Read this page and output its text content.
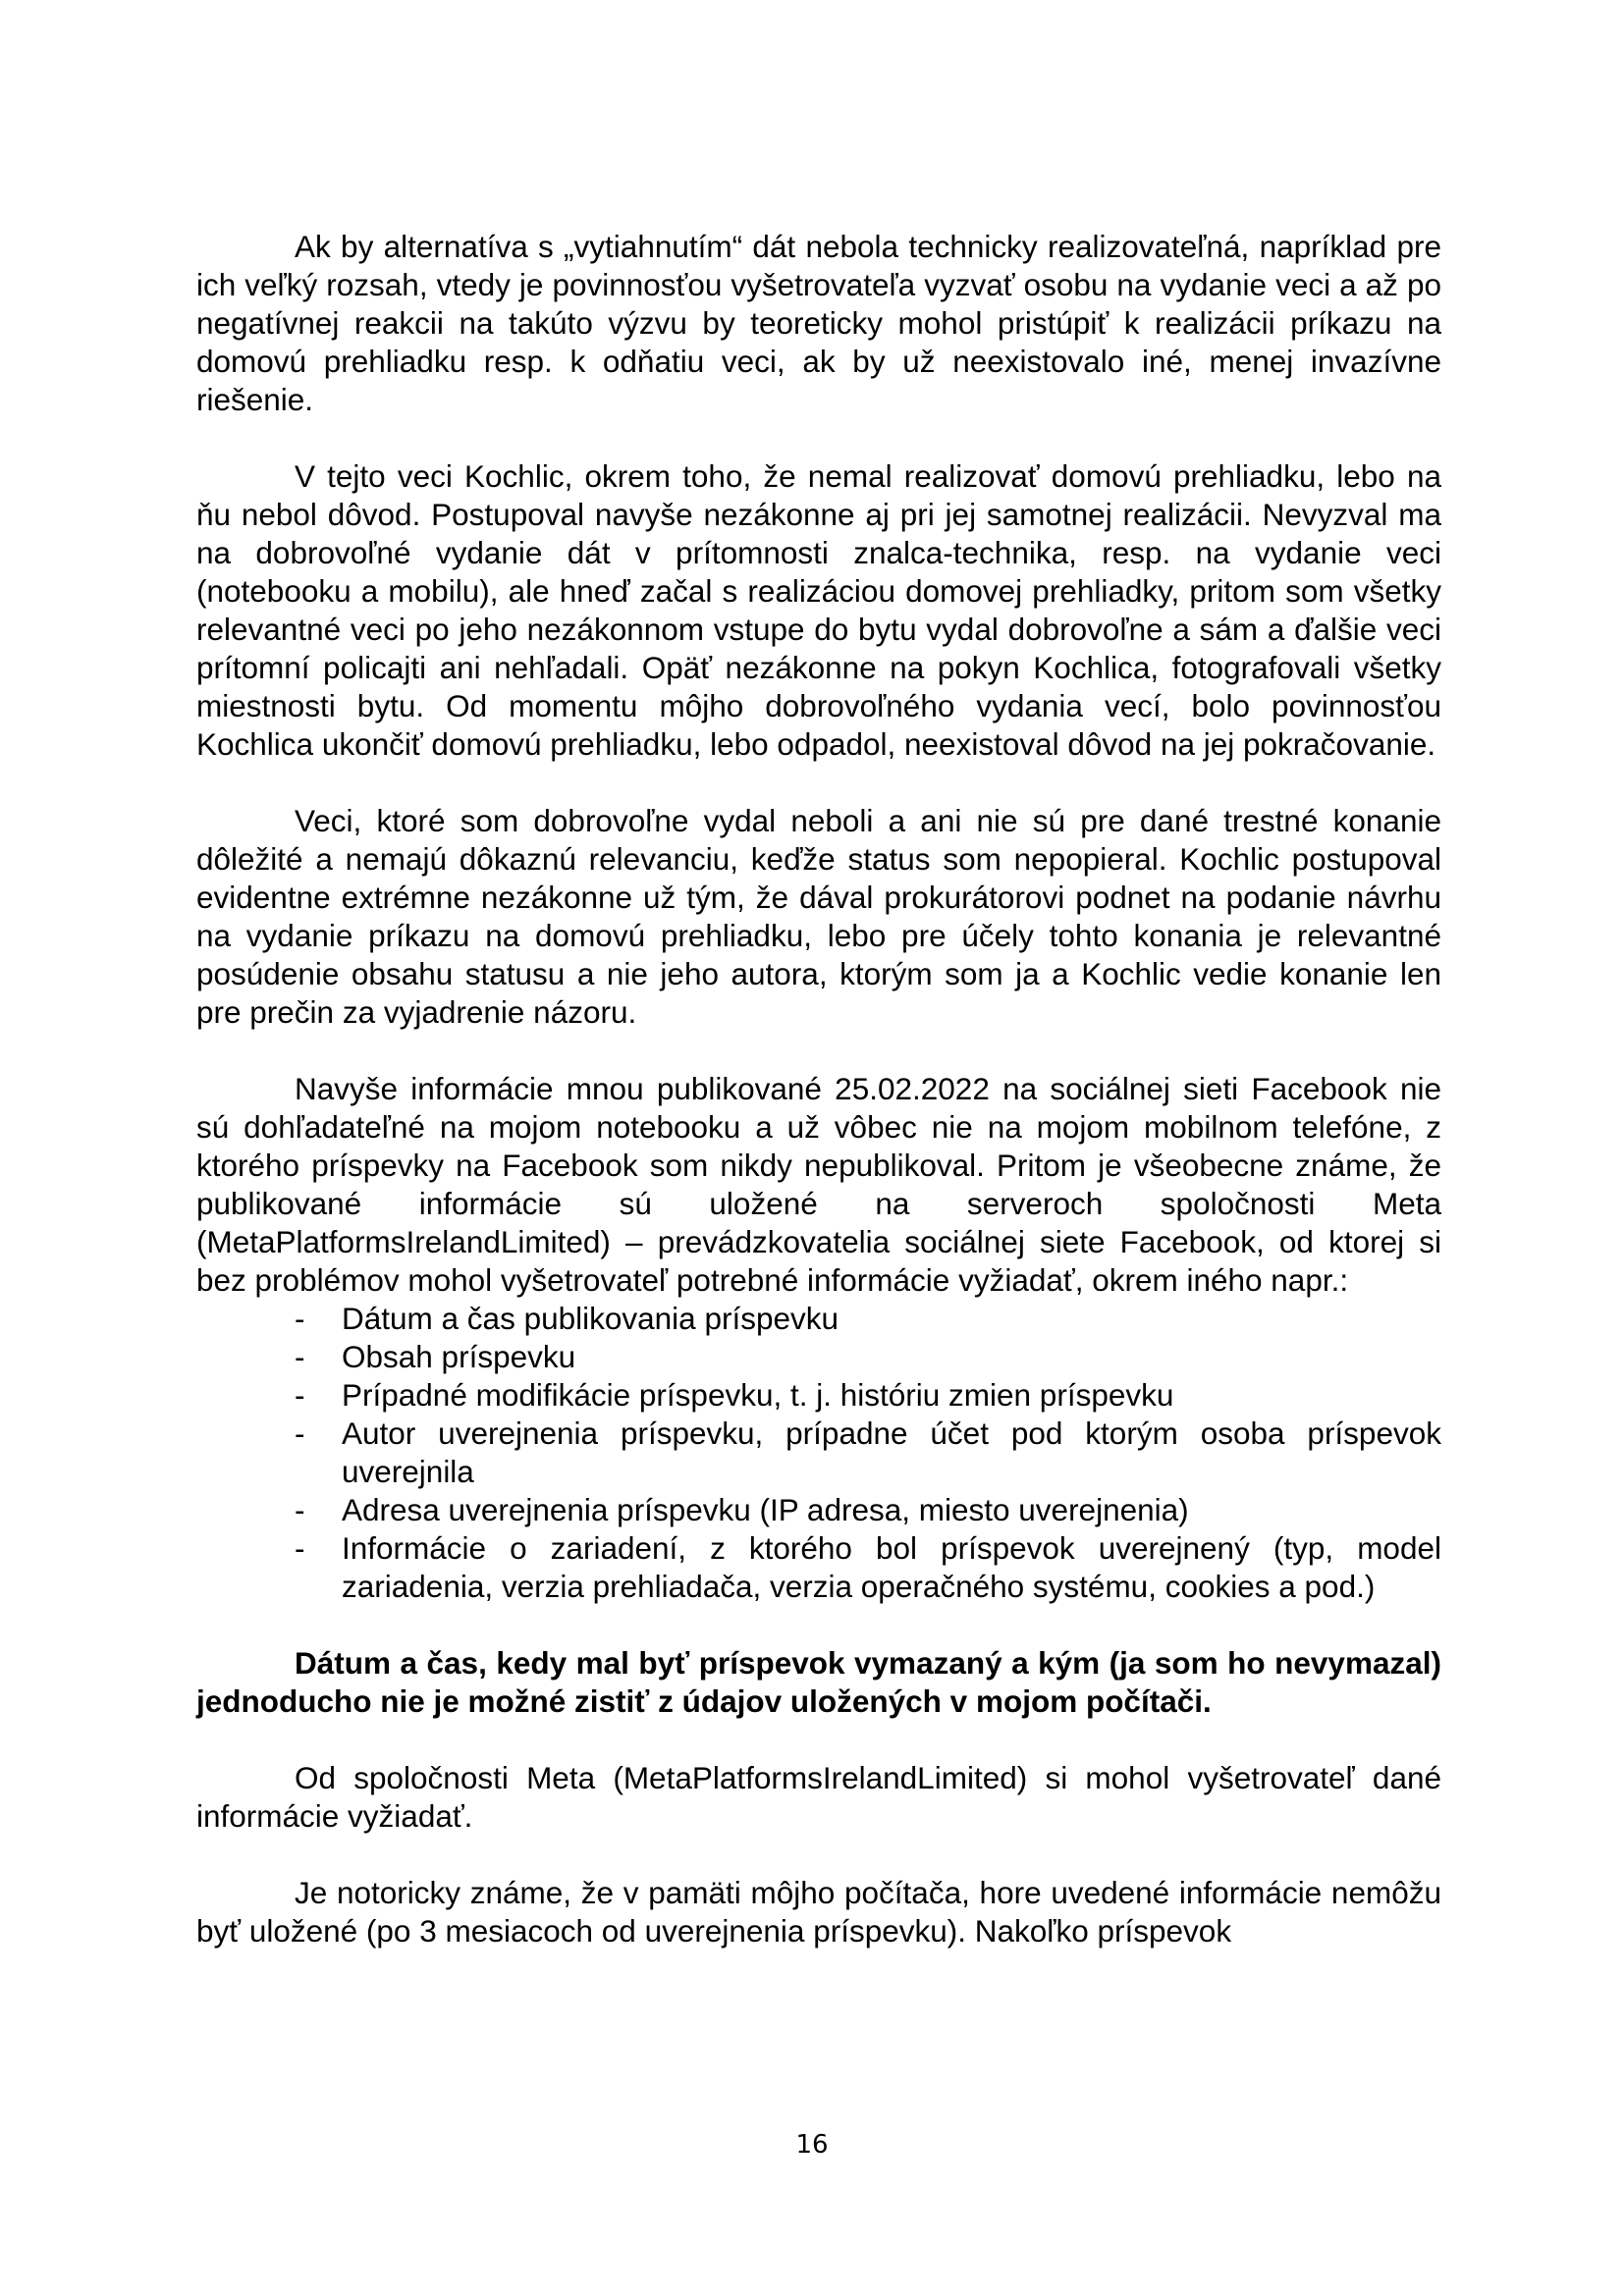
Ak by alternatíva s „vytiahnutím“ dát nebola technicky realizovateľná, napríklad pre ich veľký rozsah, vtedy je povinnosťou vyšetrovateľa vyzvať osobu na vydanie veci a až po negatívnej reakcii na takúto výzvu by teoreticky mohol pristúpiť k realizácii príkazu na domovú prehliadku resp. k odňatiu veci, ak by už neexistovalo iné, menej invazívne riešenie.

V tejto veci Kochlic, okrem toho, že nemal realizovať domovú prehliadku, lebo na ňu nebol dôvod. Postupoval navyše nezákonne aj pri jej samotnej realizácii. Nevyzval ma na dobrovoľné vydanie dát v prítomnosti znalca-technika, resp. na vydanie veci (notebooku a mobilu), ale hneď začal s realizáciou domovej prehliadky, pritom som všetky relevantné veci po jeho nezákonnom vstupe do bytu vydal dobrovoľne a sám a ďalšie veci prítomní policajti ani nehľadali. Opäť nezákonne na pokyn Kochlica, fotografovali všetky miestnosti bytu. Od momentu môjho dobrovoľného vydania vecí, bolo povinnosťou Kochlica ukončiť domovú prehliadku, lebo odpadol, neexistoval dôvod na jej pokračovanie.

Veci, ktoré som dobrovoľne vydal neboli a ani nie sú pre dané trestné konanie dôležité a nemajú dôkaznú relevanciu, keďže status som nepopieral. Kochlic postupoval evidentne extrémne nezákonne už tým, že dával prokurátorovi podnet na podanie návrhu na vydanie príkazu na domovú prehliadku, lebo pre účely tohto konania je relevantné posúdenie obsahu statusu a nie jeho autora, ktorým som ja a Kochlic vedie konanie len pre prečin za vyjadrenie názoru.

Navyše informácie mnou publikované 25.02.2022 na sociálnej sieti Facebook nie sú dohľadateľné na mojom notebooku a už vôbec nie na mojom mobilnom telefóne, z ktorého príspevky na Facebook som nikdy nepublikoval. Pritom je všeobecne známe, že publikované informácie sú uložené na serveroch spoločnosti Meta (MetaPlatformsIrelandLimited) – prevádzkovatelia sociálnej siete Facebook, od ktorej si bez problémov mohol vyšetrovateľ potrebné informácie vyžiadať, okrem iného napr.:

- Dátum a čas publikovania príspevku
- Obsah príspevku
- Prípadné modifikácie príspevku, t. j. históriu zmien príspevku
- Autor uverejnenia príspevku, prípadne účet pod ktorým osoba príspevok uverejnila
- Adresa uverejnenia príspevku (IP adresa, miesto uverejnenia)
- Informácie o zariadení, z ktorého bol príspevok uverejnený (typ, model zariadenia, verzia prehliadača, verzia operačného systému, cookies a pod.)

Dátum a čas, kedy mal byť príspevok vymazaný a kým (ja som ho nevymazal) jednoducho nie je možné zistiť z údajov uložených v mojom počítači.

Od spoločnosti Meta (MetaPlatformsIrelandLimited) si mohol vyšetrovateľ dané informácie vyžiadať.

Je notoricky známe, že v pamäti môjho počítača, hore uvedené informácie nemôžu byť uložené (po 3 mesiacoch od uverejnenia príspevku). Nakoľko príspevok

16
